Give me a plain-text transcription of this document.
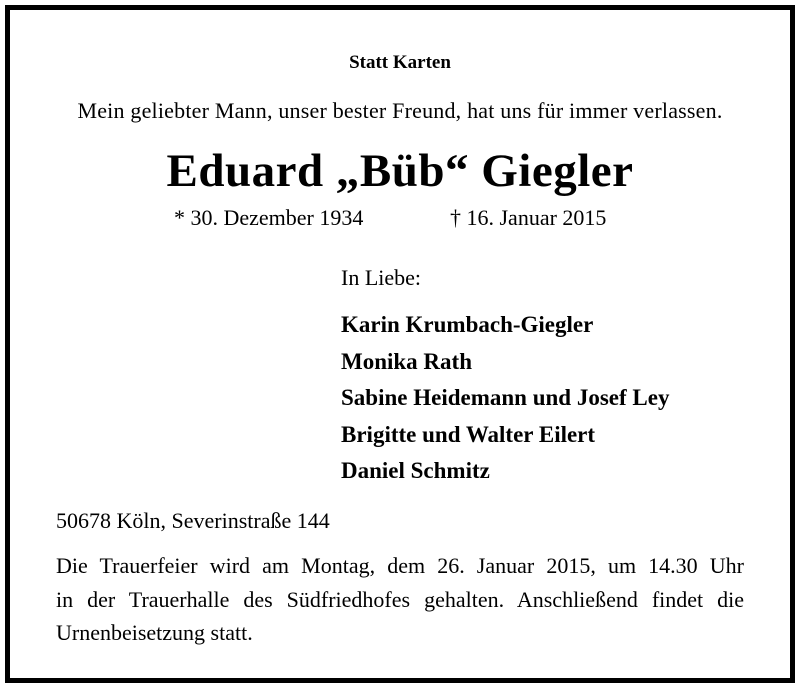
Statt Karten
Mein geliebter Mann, unser bester Freund, hat uns für immer verlassen.
Eduard „Büb“ Giegler
* 30. Dezember 1934	† 16. Januar 2015
In Liebe:
Karin Krumbach-Giegler
Monika Rath
Sabine Heidemann und Josef Ley
Brigitte und Walter Eilert
Daniel Schmitz
50678 Köln, Severinstraße 144

Die Trauerfeier wird am Montag, dem 26. Januar 2015, um 14.30 Uhr
in der Trauerhalle des Südfriedhofes gehalten. Anschließend findet die
Urnenbeisetzung statt.
